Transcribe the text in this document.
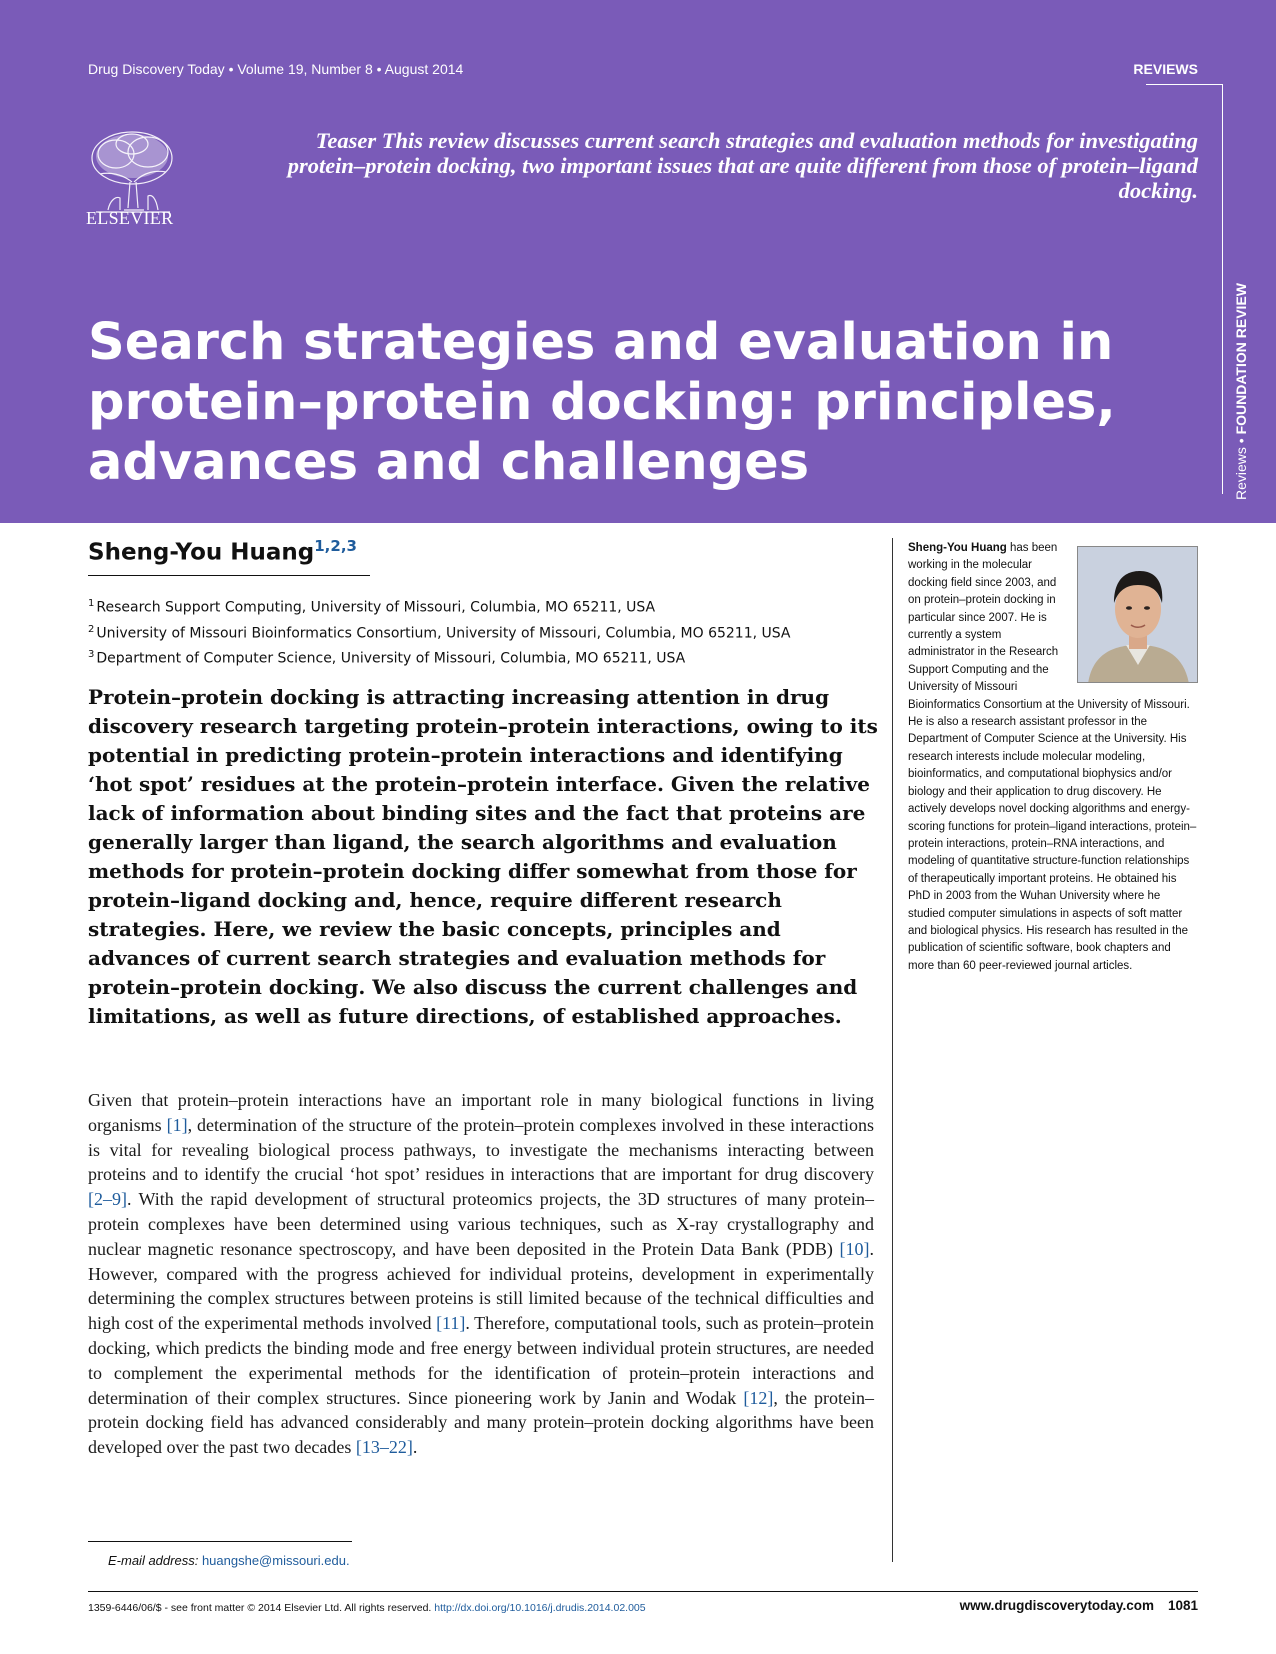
Drug Discovery Today • Volume 19, Number 8 • August 2014	REVIEWS
ELSEVIER
Teaser This review discusses current search strategies and evaluation methods for investigating protein–protein docking, two important issues that are quite different from those of protein–ligand docking.
Search strategies and evaluation in protein–protein docking: principles, advances and challenges	Reviews • FOUNDATION REVIEW
Sheng-You Huang$^{1,2,3}$
$^1$ Research Support Computing, University of Missouri, Columbia, MO 65211, USA
$^2$ University of Missouri Bioinformatics Consortium, University of Missouri, Columbia, MO 65211, USA
$^3$ Department of Computer Science, University of Missouri, Columbia, MO 65211, USA

Protein–protein docking is attracting increasing attention in drug discovery research targeting protein–protein interactions, owing to its potential in predicting protein–protein interactions and identifying ‘hot spot’ residues at the protein–protein interface. Given the relative lack of information about binding sites and the fact that proteins are generally larger than ligand, the search algorithms and evaluation methods for protein–protein docking differ somewhat from those for protein–ligand docking and, hence, require different research strategies. Here, we review the basic concepts, principles and advances of current search strategies and evaluation methods for protein–protein docking. We also discuss the current challenges and limitations, as well as future directions, of established approaches.

Given that protein–protein interactions have an important role in many biological functions in living organisms [1], determination of the structure of the protein–protein complexes involved in these interactions is vital for revealing biological process pathways, to investigate the mechanisms interacting between proteins and to identify the crucial ‘hot spot’ residues in interactions that are important for drug discovery [2–9]. With the rapid development of structural proteomics projects, the 3D structures of many protein–protein complexes have been determined using various techniques, such as X-ray crystallography and nuclear magnetic resonance spectroscopy, and have been deposited in the Protein Data Bank (PDB) [10]. However, compared with the progress achieved for individual proteins, development in experimentally determining the complex structures between proteins is still limited because of the technical difficulties and high cost of the experimental methods involved [11]. Therefore, computational tools, such as protein–protein docking, which predicts the binding mode and free energy between individual protein structures, are needed to complement the experimental methods for the identification of protein–protein interactions and determination of their complex structures. Since pioneering work by Janin and Wodak [12], the protein–protein docking field has advanced considerably and many protein–protein docking algorithms have been developed over the past two decades [13–22].

Sheng-You Huang has been working in the molecular docking field since 2003, and on protein–protein docking in particular since 2007. He is currently a system administrator in the Research Support Computing and the University of Missouri Bioinformatics Consortium at the University of Missouri. He is also a research assistant professor in the Department of Computer Science at the University. His research interests include molecular modeling, bioinformatics, and computational biophysics and/or biology and their application to drug discovery. He actively develops novel docking algorithms and energy-scoring functions for protein–ligand interactions, protein–protein interactions, protein–RNA interactions, and modeling of quantitative structure-function relationships of therapeutically important proteins. He obtained his PhD in 2003 from the Wuhan University where he studied computer simulations in aspects of soft matter and biological physics. His research has resulted in the publication of scientific software, book chapters and more than 60 peer-reviewed journal articles.
E-mail address: huangshe@missouri.edu.
1359-6446/06/$ - see front matter © 2014 Elsevier Ltd. All rights reserved. http://dx.doi.org/10.1016/j.drudis.2014.02.005	www.drugdiscoverytoday.com 1081
